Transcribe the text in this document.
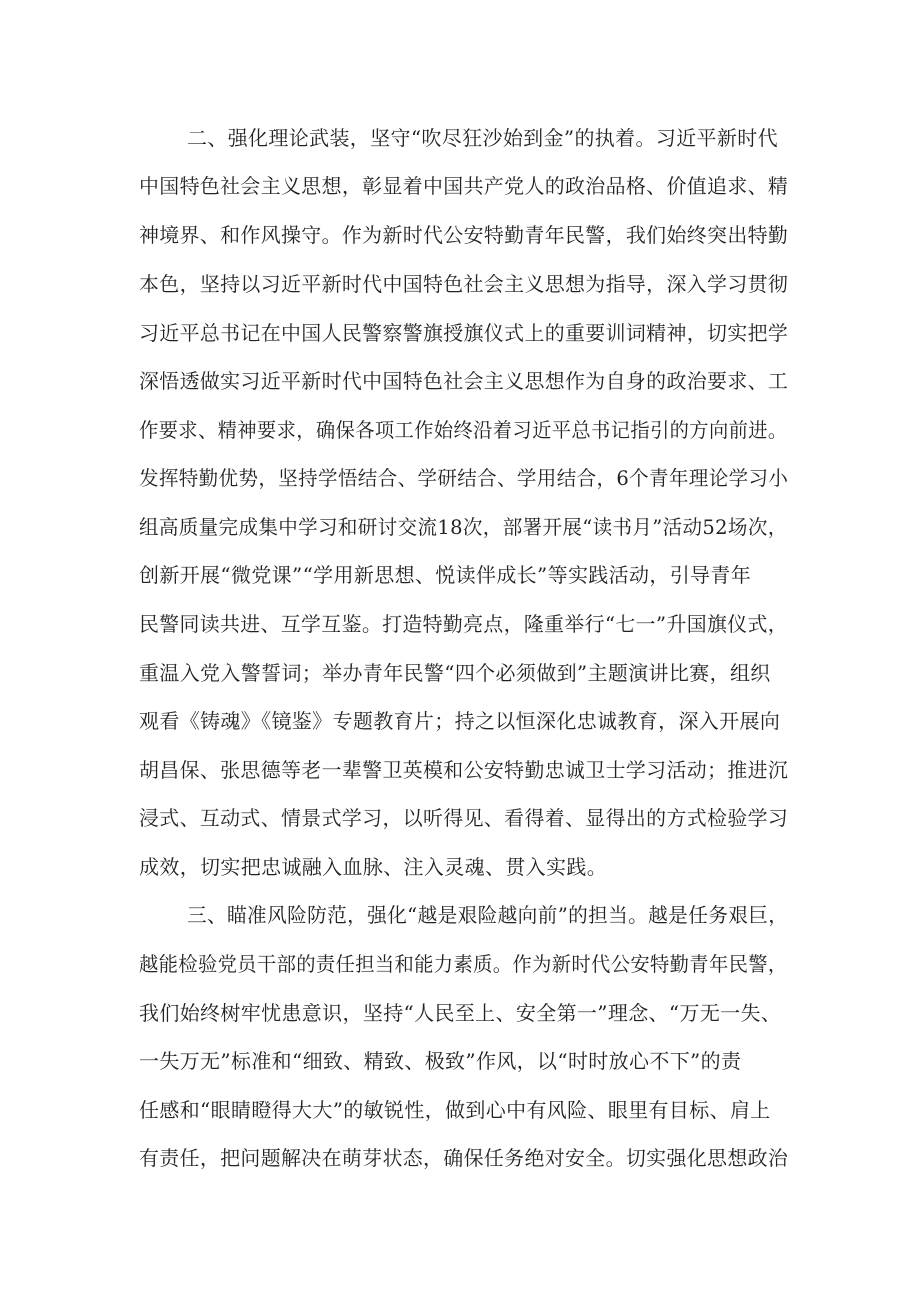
二、强化理论武装，坚守“吹尽狂沙始到金”的执着。习近平新时代
中国特色社会主义思想，彰显着中国共产党人的政治品格、价值追求、精
神境界、和作风操守。作为新时代公安特勤青年民警，我们始终突出特勤
本色，坚持以习近平新时代中国特色社会主义思想为指导，深入学习贯彻
习近平总书记在中国人民警察警旗授旗仪式上的重要训词精神，切实把学
深悟透做实习近平新时代中国特色社会主义思想作为自身的政治要求、工
作要求、精神要求，确保各项工作始终沿着习近平总书记指引的方向前进。
发挥特勤优势，坚持学悟结合、学研结合、学用结合，6个青年理论学习小
组高质量完成集中学习和研讨交流18次，部署开展“读书月”活动52场次，
创新开展“微党课”“学用新思想、悦读伴成长”等实践活动，引导青年
民警同读共进、互学互鉴。打造特勤亮点，隆重举行“七一”升国旗仪式，
重温入党入警誓词；举办青年民警“四个必须做到”主题演讲比赛，组织
观看《铸魂》《镜鉴》专题教育片；持之以恒深化忠诚教育，深入开展向
胡昌保、张思德等老一辈警卫英模和公安特勤忠诚卫士学习活动；推进沉
浸式、互动式、情景式学习，以听得见、看得着、显得出的方式检验学习
成效，切实把忠诚融入血脉、注入灵魂、贯入实践。
三、瞄准风险防范，强化“越是艰险越向前”的担当。越是任务艰巨，
越能检验党员干部的责任担当和能力素质。作为新时代公安特勤青年民警，
我们始终树牢忧患意识，坚持“人民至上、安全第一”理念、“万无一失、
一失万无”标准和“细致、精致、极致”作风，以“时时放心不下”的责
任感和“眼睛瞪得大大”的敏锐性，做到心中有风险、眼里有目标、肩上
有责任，把问题解决在萌芽状态，确保任务绝对安全。切实强化思想政治
